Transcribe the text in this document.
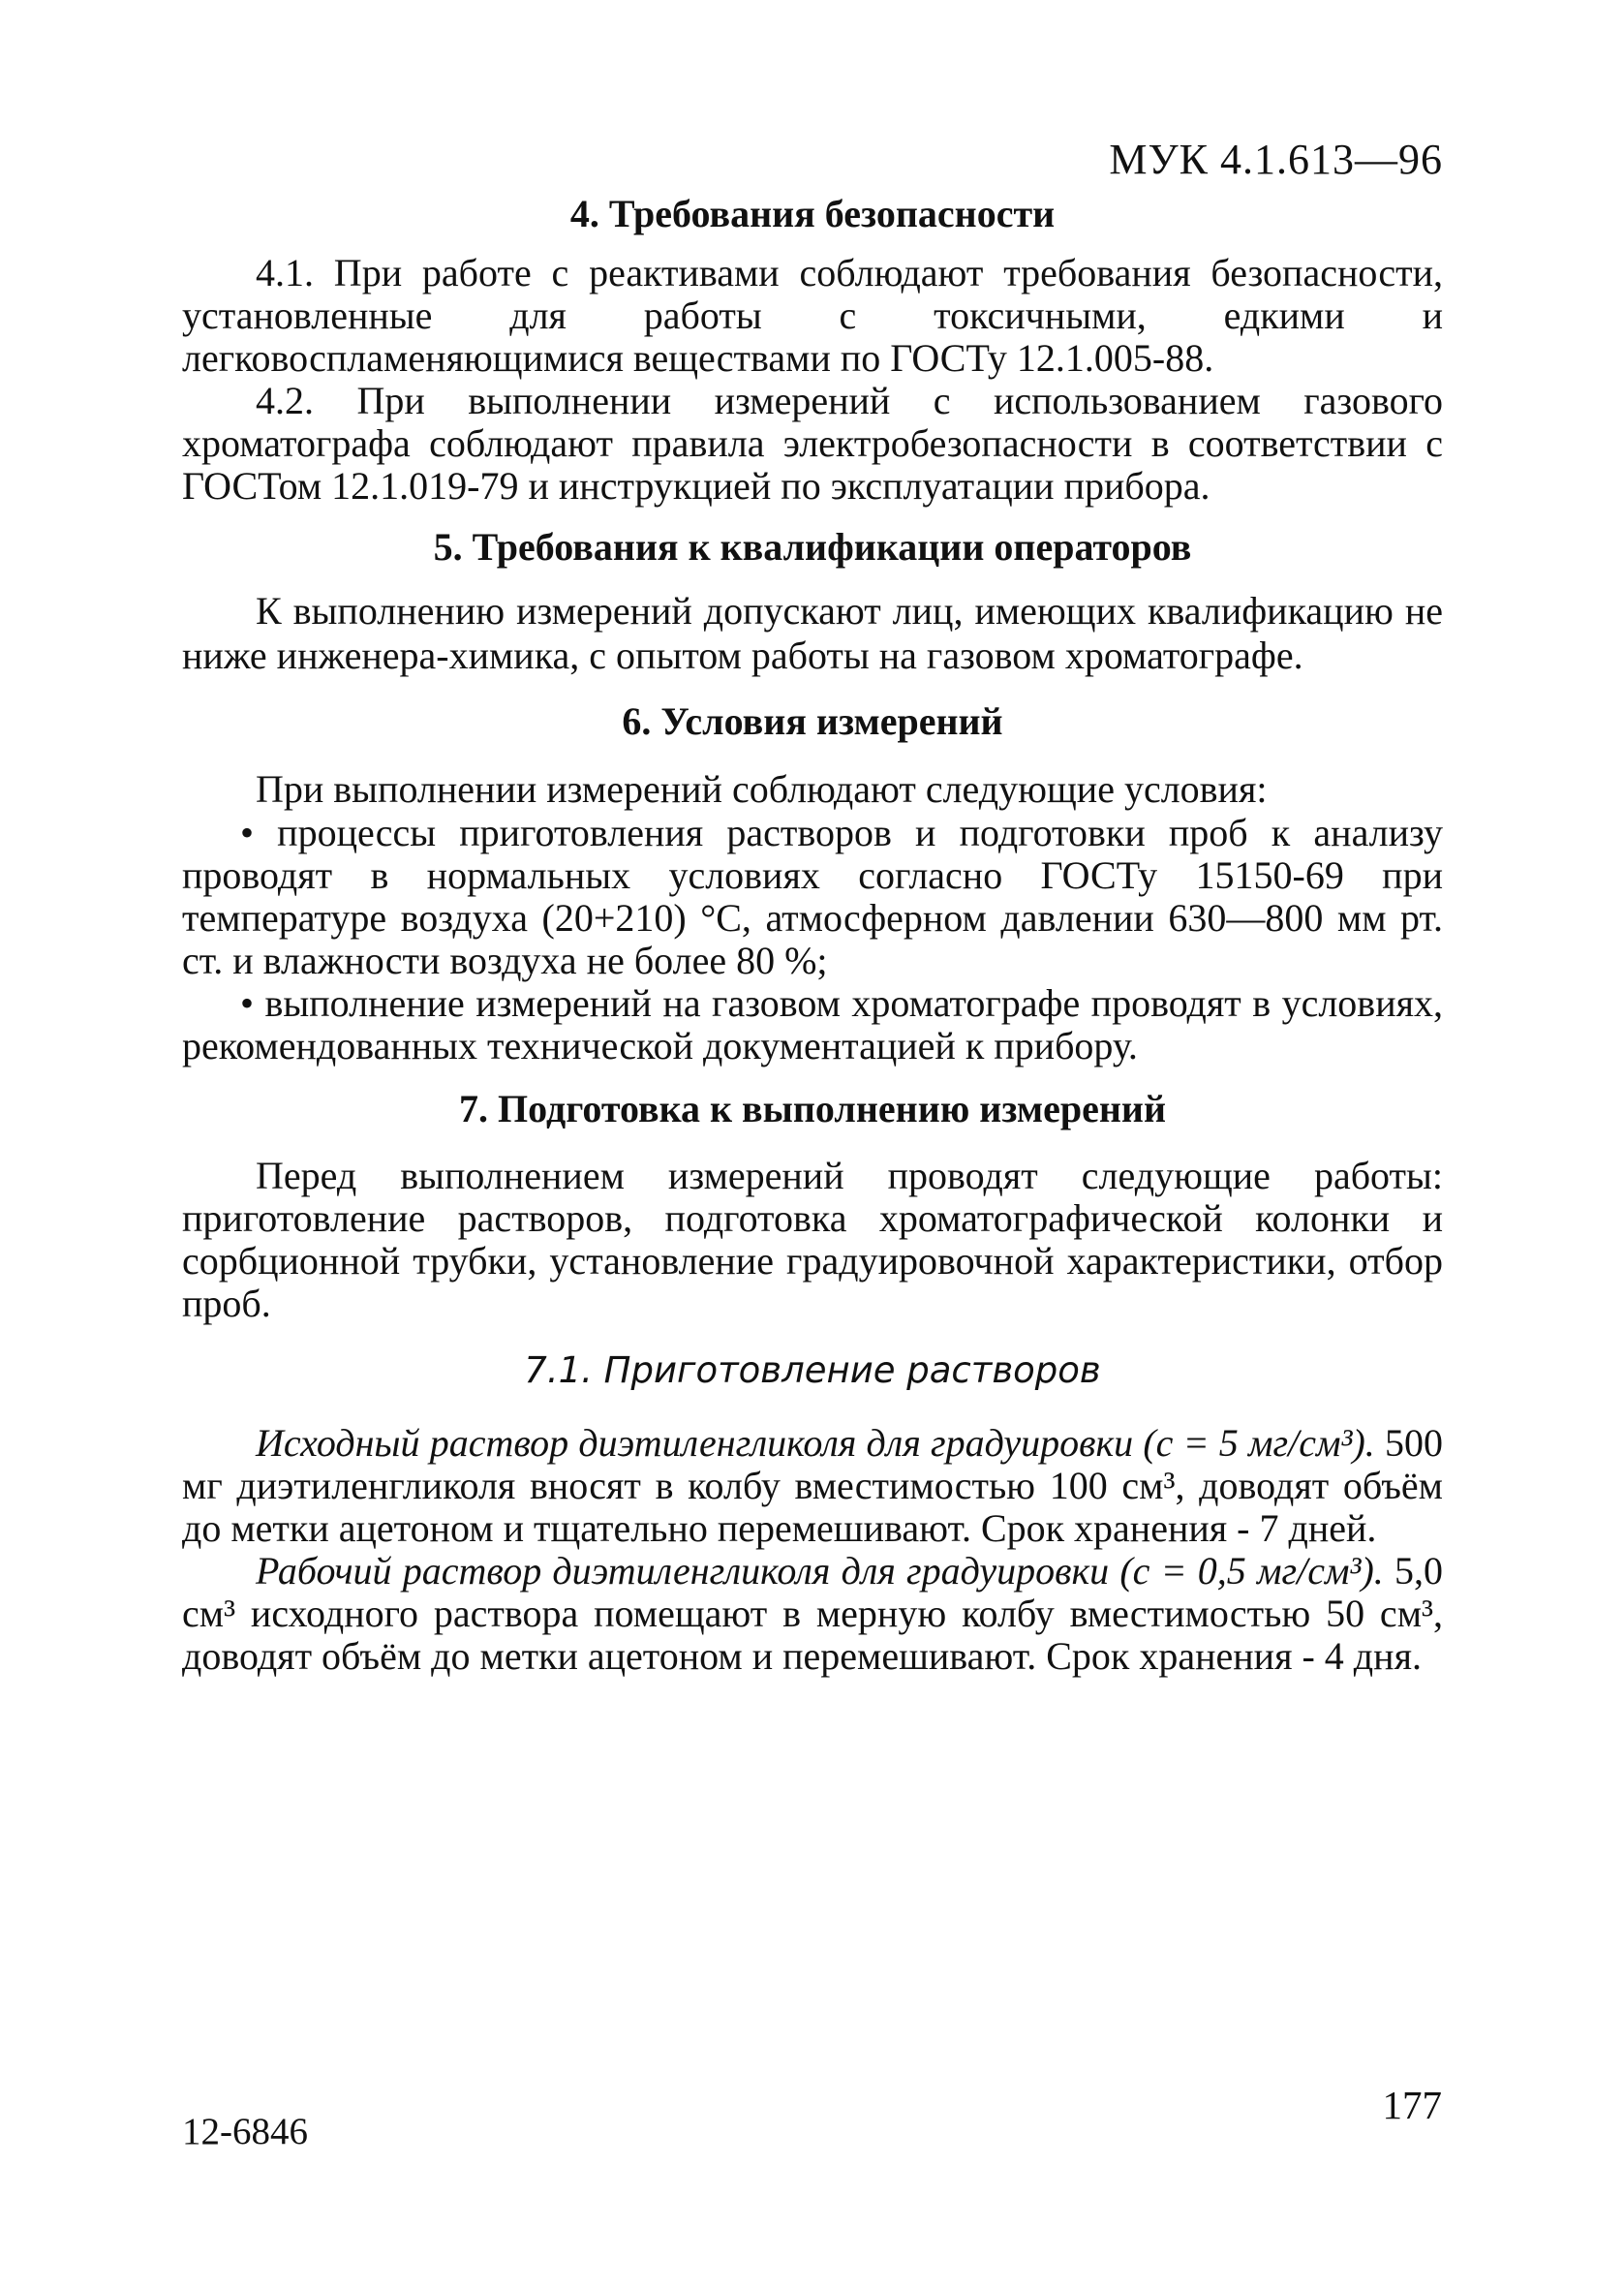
МУК 4.1.613—96
4. Требования безопасности

4.1. При работе с реактивами соблюдают требования безопасности, установленные для работы с токсичными, едкими и легковоспламеняющимися веществами по ГОСТу 12.1.005-88.

4.2. При выполнении измерений с использованием газового хроматографа соблюдают правила электробезопасности в соответствии с ГОСТом 12.1.019-79 и инструкцией по эксплуатации прибора.

5. Требования к квалификации операторов

К выполнению измерений допускают лиц, имеющих квалификацию не ниже инженера-химика, с опытом работы на газовом хроматографе.

6. Условия измерений

При выполнении измерений соблюдают следующие условия:

• процессы приготовления растворов и подготовки проб к анализу проводят в нормальных условиях согласно ГОСТу 15150-69 при температуре воздуха (20+210) °С, атмосферном давлении 630—800 мм рт. ст. и влажности воздуха не более 80 %;

• выполнение измерений на газовом хроматографе проводят в условиях, рекомендованных технической документацией к прибору.

7. Подготовка к выполнению измерений

Перед выполнением измерений проводят следующие работы: приготовление растворов, подготовка хроматографической колонки и сорбционной трубки, установление градуировочной характеристики, отбор проб.

7.1. Приготовление растворов

Исходный раствор диэтиленгликоля для градуировки (с = 5 мг/см³). 500 мг диэтиленгликоля вносят в колбу вместимостью 100 см³, доводят объём до метки ацетоном и тщательно перемешивают. Срок хранения - 7 дней.

Рабочий раствор диэтиленгликоля для градуировки (с = 0,5 мг/см³). 5,0 см³ исходного раствора помещают в мерную колбу вместимостью 50 см³, доводят объём до метки ацетоном и перемешивают. Срок хранения - 4 дня.

12-6846
177
